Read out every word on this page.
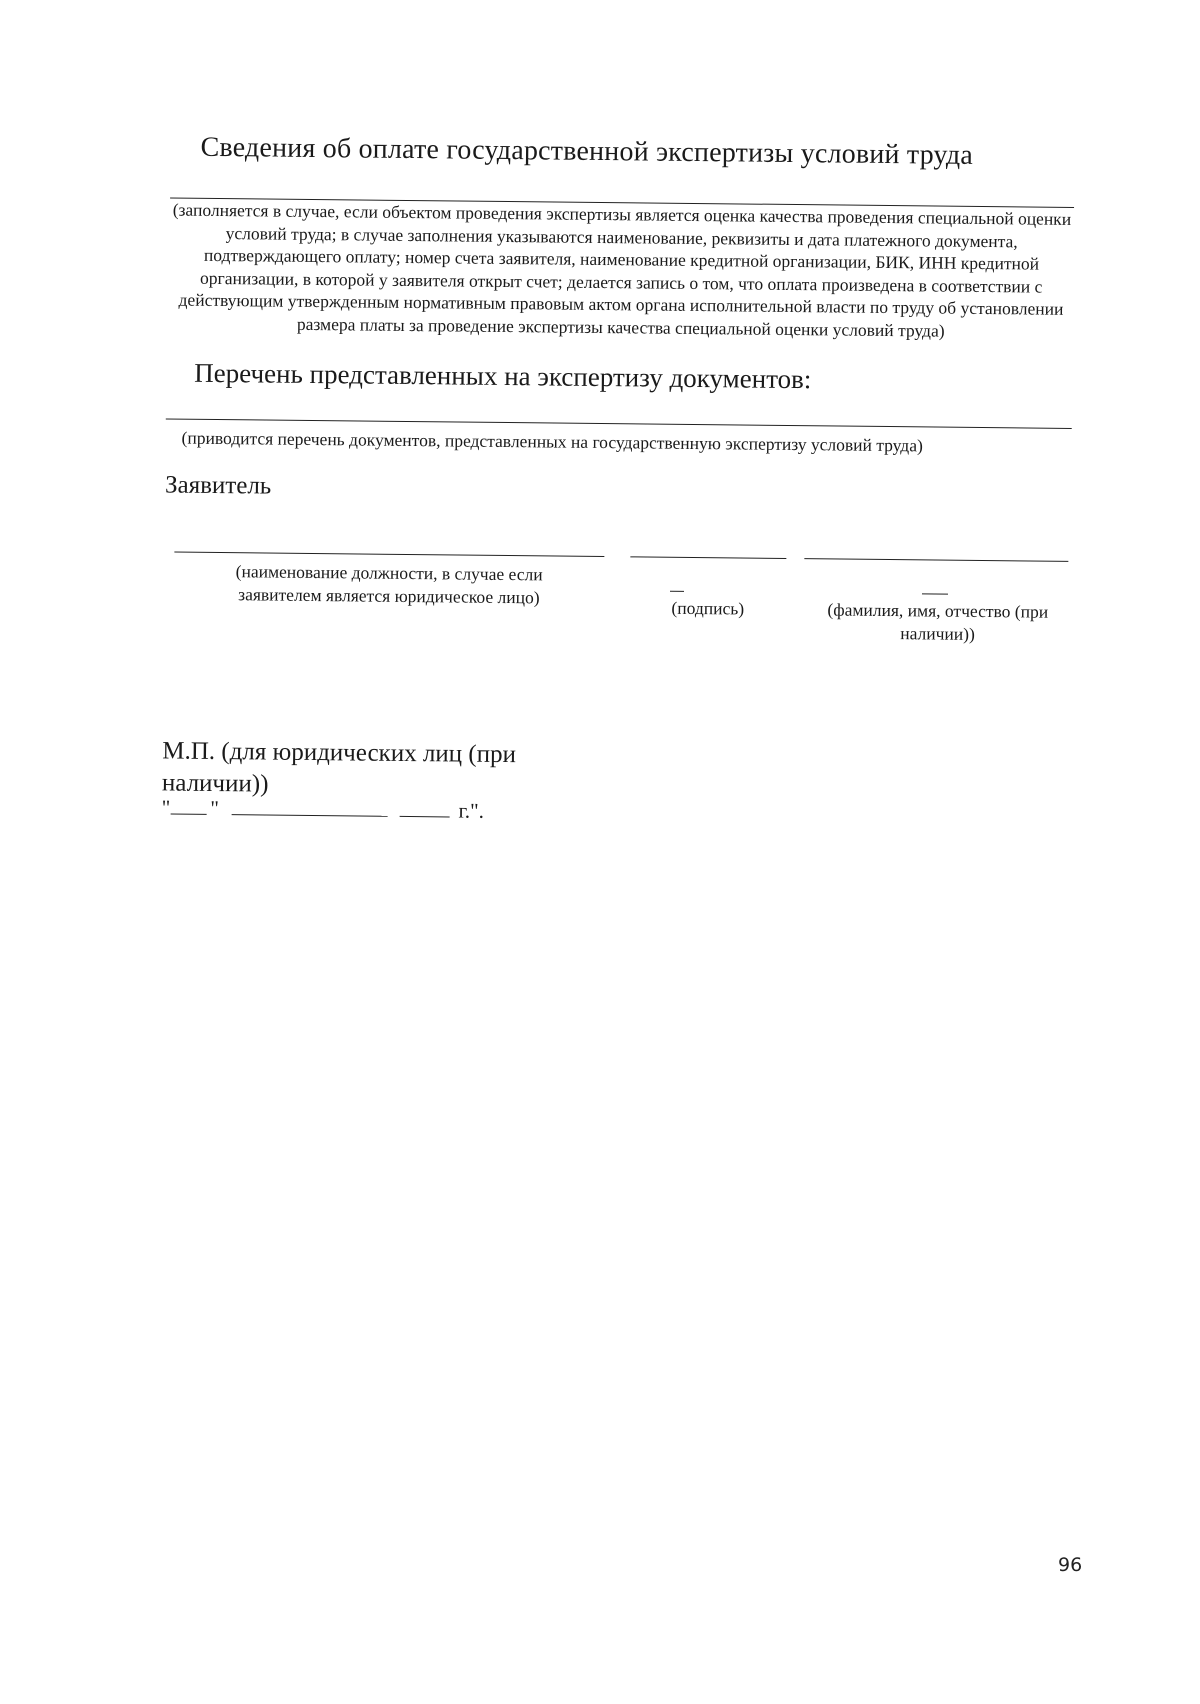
Сведения об оплате государственной экспертизы условий труда
(заполняется в случае, если объектом проведения экспертизы является оценка качества проведения специальной оценки условий труда; в случае заполнения указываются наименование, реквизиты и дата платежного документа, подтверждающего оплату; номер счета заявителя, наименование кредитной организации, БИК, ИНН кредитной организации, в которой у заявителя открыт счет; делается запись о том, что оплата произведена в соответствии с действующим утвержденным нормативным правовым актом органа исполнительной власти по труду об установлении размера платы за проведение экспертизы качества специальной оценки условий труда)
Перечень представленных на экспертизу документов:
(приводится перечень документов, представленных на государственную экспертизу условий труда)
Заявитель
(наименование должности, в случае если заявителем является юридическое лицо)
(подпись)	(фамилия, имя, отчество (при наличии))
М.П. (для юридических лиц (при наличии))
" "	г.".
96
